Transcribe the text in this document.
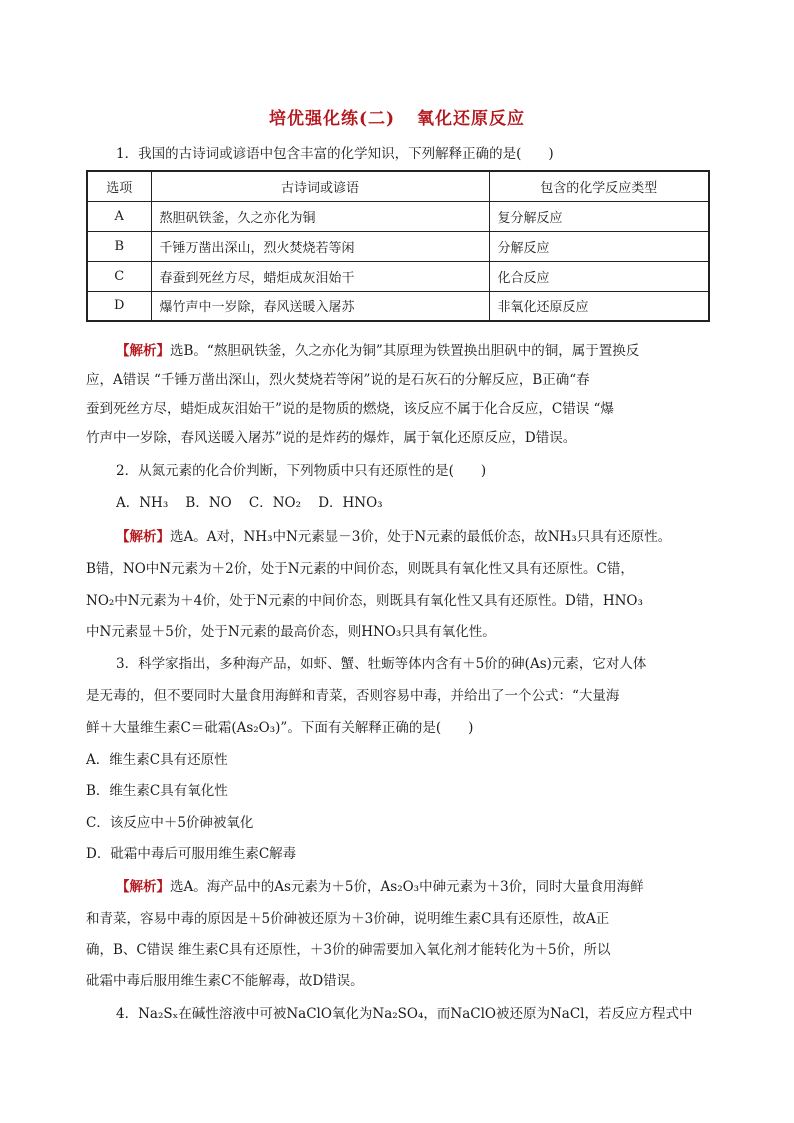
培优强化练(二) 氧化还原反应
1．我国的古诗词或谚语中包含丰富的化学知识，下列解释正确的是(　　)
选项	古诗词或谚语	包含的化学反应类型
A	熬胆矾铁釜，久之亦化为铜	复分解反应
B	千锤万凿出深山，烈火焚烧若等闲	分解反应
C	春蚕到死丝方尽，蜡炬成灰泪始干	化合反应
D	爆竹声中一岁除，春风送暖入屠苏	非氧化还原反应
【解析】选B。“熬胆矾铁釜，久之亦化为铜”其原理为铁置换出胆矾中的铜，属于置换反
应，A错误 “千锤万凿出深山，烈火焚烧若等闲”说的是石灰石的分解反应，B正确“春
蚕到死丝方尽，蜡炬成灰泪始干”说的是物质的燃烧，该反应不属于化合反应，C错误 “爆
竹声中一岁除，春风送暖入屠苏”说的是炸药的爆炸，属于氧化还原反应，D错误。
2．从氮元素的化合价判断，下列物质中只有还原性的是(　　)
A．NH₃ B．NO C．NO₂ D．HNO₃
【解析】选A。A对，NH₃中N元素显－3价，处于N元素的最低价态，故NH₃只具有还原性。
B错，NO中N元素为＋2价，处于N元素的中间价态，则既具有氧化性又具有还原性。C错，
NO₂中N元素为＋4价，处于N元素的中间价态，则既具有氧化性又具有还原性。D错，HNO₃
中N元素显＋5价，处于N元素的最高价态，则HNO₃只具有氧化性。
3．科学家指出，多种海产品，如虾、蟹、牡蛎等体内含有＋5价的砷(As)元素，它对人体
是无毒的，但不要同时大量食用海鲜和青菜，否则容易中毒，并给出了一个公式：“大量海
鲜＋大量维生素C＝砒霜(As₂O₃)”。下面有关解释正确的是(　　)
A．维生素C具有还原性
B．维生素C具有氧化性
C．该反应中＋5价砷被氧化
D．砒霜中毒后可服用维生素C解毒
【解析】选A。海产品中的As元素为＋5价，As₂O₃中砷元素为＋3价，同时大量食用海鲜
和青菜，容易中毒的原因是＋5价砷被还原为＋3价砷，说明维生素C具有还原性，故A正
确，B、C错误 维生素C具有还原性，＋3价的砷需要加入氧化剂才能转化为＋5价，所以
砒霜中毒后服用维生素C不能解毒，故D错误。
4．Na₂Sₓ在碱性溶液中可被NaClO氧化为Na₂SO₄，而NaClO被还原为NaCl，若反应方程式中
